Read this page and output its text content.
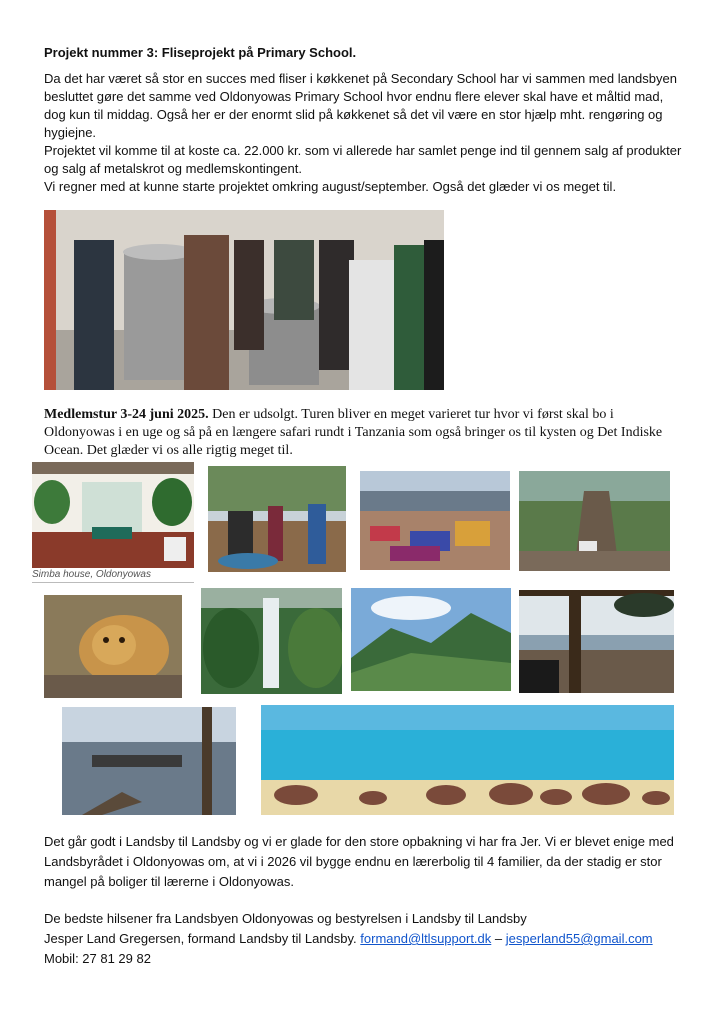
Projekt nummer 3: Fliseprojekt på Primary School.

Da det har været så stor en succes med fliser i køkkenet på Secondary School har vi sammen med landsbyen besluttet gøre det samme ved Oldonyowas Primary School hvor endnu flere elever skal have et måltid mad, dog kun til middag. Også her er der enormt slid på køkkenet så det vil være en stor hjælp mht. rengøring og hygiejne.

Projektet vil komme til at koste ca. 22.000 kr. som vi allerede har samlet penge ind til gennem salg af produkter og salg af metalskrot og medlemskontingent.

Vi regner med at kunne starte projektet omkring august/september. Også det glæder vi os meget til.

Medlemstur 3-24 juni 2025. Den er udsolgt. Turen bliver en meget varieret tur hvor vi først skal bo i Oldonyowas i en uge og så på en længere safari rundt i Tanzania som også bringer os til kysten og Det Indiske Ocean. Det glæder vi os alle rigtig meget til.

Simba house, Oldonyowas

Det går godt i Landsby til Landsby og vi er glade for den store opbakning vi har fra Jer. Vi er blevet enige med Landsbyrådet i Oldonyowas om, at vi i 2026 vil bygge endnu en lærerbolig til 4 familier, da der stadig er stor mangel på boliger til lærerne i Oldonyowas.

De bedste hilsener fra Landsbyen Oldonyowas og bestyrelsen i Landsby til Landsby

Jesper Land Gregersen, formand Landsby til Landsby. formand@ltlsupport.dk – jesperland55@gmail.com

Mobil: 27 81 29 82
